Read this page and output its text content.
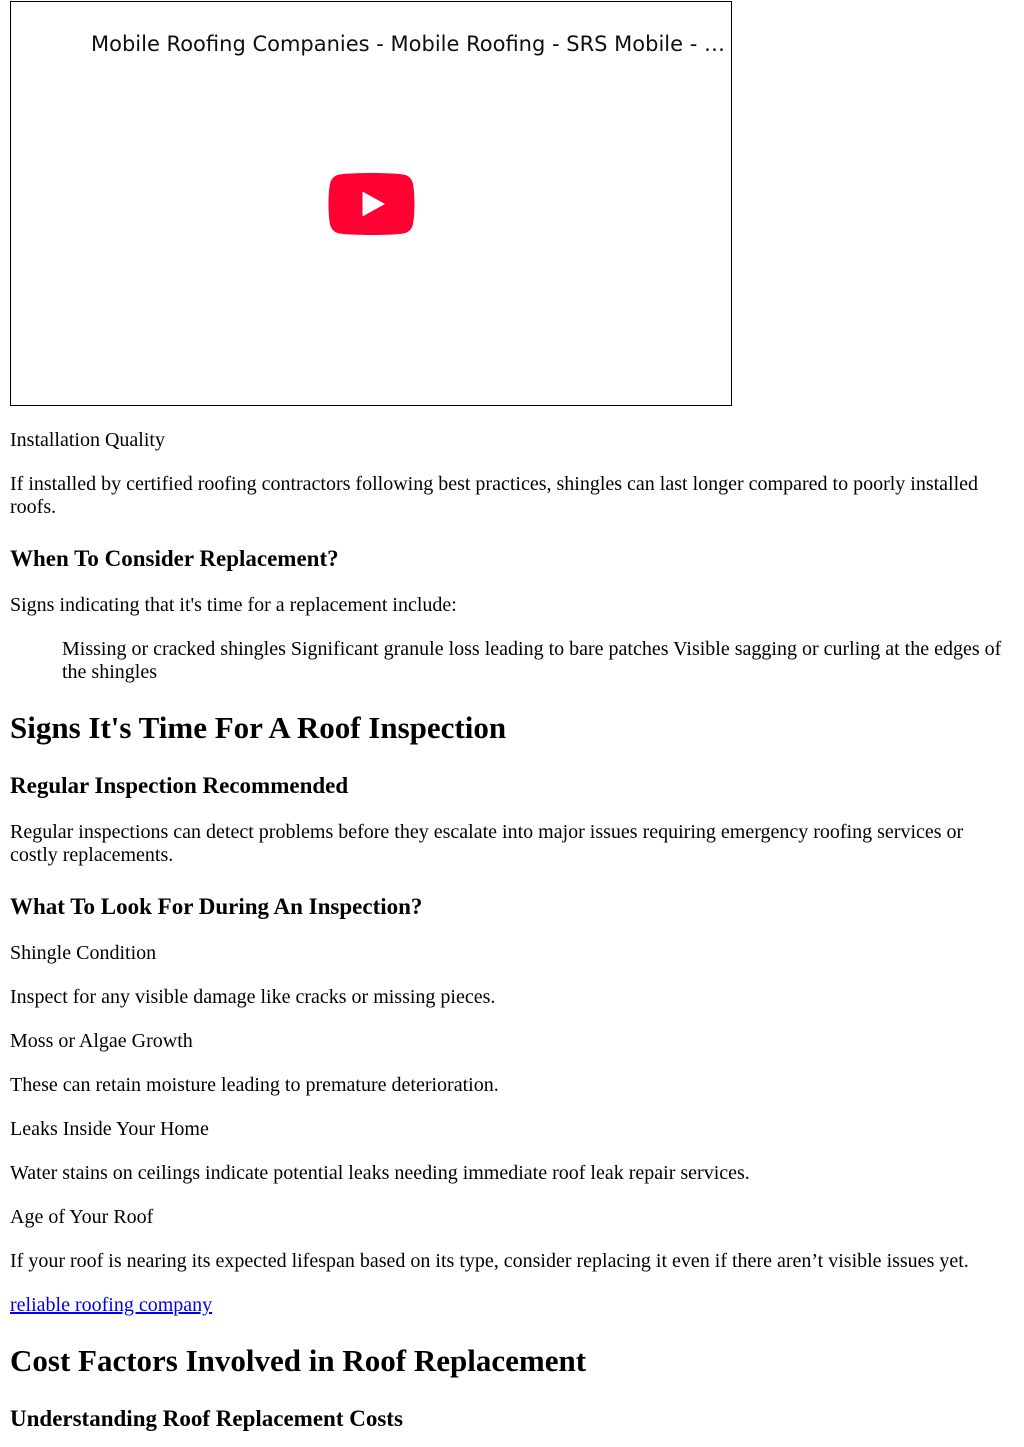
Mobile Roofing Companies - Mobile Roofing - SRS Mobile - …

Installation Quality

If installed by certified roofing contractors following best practices, shingles can last longer compared to poorly installed roofs.

When To Consider Replacement?

Signs indicating that it's time for a replacement include:

Missing or cracked shingles Significant granule loss leading to bare patches Visible sagging or curling at the edges of the shingles
Signs It's Time For A Roof Inspection
Regular Inspection Recommended

Regular inspections can detect problems before they escalate into major issues requiring emergency roofing services or costly replacements.

What To Look For During An Inspection?

Shingle Condition

Inspect for any visible damage like cracks or missing pieces.

Moss or Algae Growth

These can retain moisture leading to premature deterioration.

Leaks Inside Your Home

Water stains on ceilings indicate potential leaks needing immediate roof leak repair services.

Age of Your Roof

If your roof is nearing its expected lifespan based on its type, consider replacing it even if there aren’t visible issues yet.

reliable roofing company

Cost Factors Involved in Roof Replacement
Understanding Roof Replacement Costs
